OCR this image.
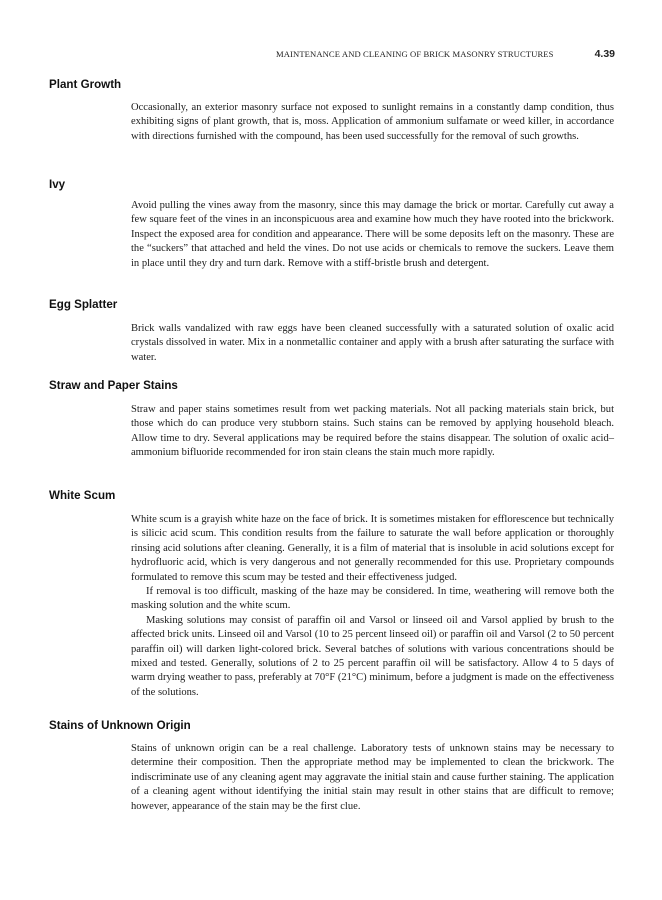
MAINTENANCE AND CLEANING OF BRICK MASONRY STRUCTURES	4.39
Plant Growth

Occasionally, an exterior masonry surface not exposed to sunlight remains in a constantly damp condition, thus exhibiting signs of plant growth, that is, moss. Application of ammonium sulfamate or weed killer, in accordance with directions furnished with the compound, has been used successfully for the removal of such growths.

Ivy

Avoid pulling the vines away from the masonry, since this may damage the brick or mortar. Carefully cut away a few square feet of the vines in an inconspicuous area and examine how much they have rooted into the brickwork. Inspect the exposed area for condition and appearance. There will be some deposits left on the masonry. These are the “suckers” that attached and held the vines. Do not use acids or chemicals to remove the suckers. Leave them in place until they dry and turn dark. Remove with a stiff-bristle brush and detergent.

Egg Splatter

Brick walls vandalized with raw eggs have been cleaned successfully with a saturated solution of oxalic acid crystals dissolved in water. Mix in a nonmetallic container and apply with a brush after saturating the surface with water.

Straw and Paper Stains

Straw and paper stains sometimes result from wet packing materials. Not all packing materials stain brick, but those which do can produce very stubborn stains. Such stains can be removed by applying household bleach. Allow time to dry. Several applications may be required before the stains disappear. The solution of oxalic acid–ammonium bifluoride recommended for iron stain cleans the stain much more rapidly.

White Scum

White scum is a grayish white haze on the face of brick. It is sometimes mistaken for efflorescence but technically is silicic acid scum. This condition results from the failure to saturate the wall before application or thoroughly rinsing acid solutions after cleaning. Generally, it is a film of material that is insoluble in acid solutions except for hydrofluoric acid, which is very dangerous and not generally recommended for this use. Proprietary compounds formulated to remove this scum may be tested and their effectiveness judged.

If removal is too difficult, masking of the haze may be considered. In time, weathering will remove both the masking solution and the white scum.

Masking solutions may consist of paraffin oil and Varsol or linseed oil and Varsol applied by brush to the affected brick units. Linseed oil and Varsol (10 to 25 percent linseed oil) or paraffin oil and Varsol (2 to 50 percent paraffin oil) will darken light-colored brick. Several batches of solutions with various concentrations should be mixed and tested. Generally, solutions of 2 to 25 percent paraffin oil will be satisfactory. Allow 4 to 5 days of warm drying weather to pass, preferably at 70°F (21°C) minimum, before a judgment is made on the effectiveness of the solutions.

Stains of Unknown Origin

Stains of unknown origin can be a real challenge. Laboratory tests of unknown stains may be necessary to determine their composition. Then the appropriate method may be implemented to clean the brickwork. The indiscriminate use of any cleaning agent may aggravate the initial stain and cause further staining. The application of a cleaning agent without identifying the initial stain may result in other stains that are difficult to remove; however, appearance of the stain may be the first clue.
